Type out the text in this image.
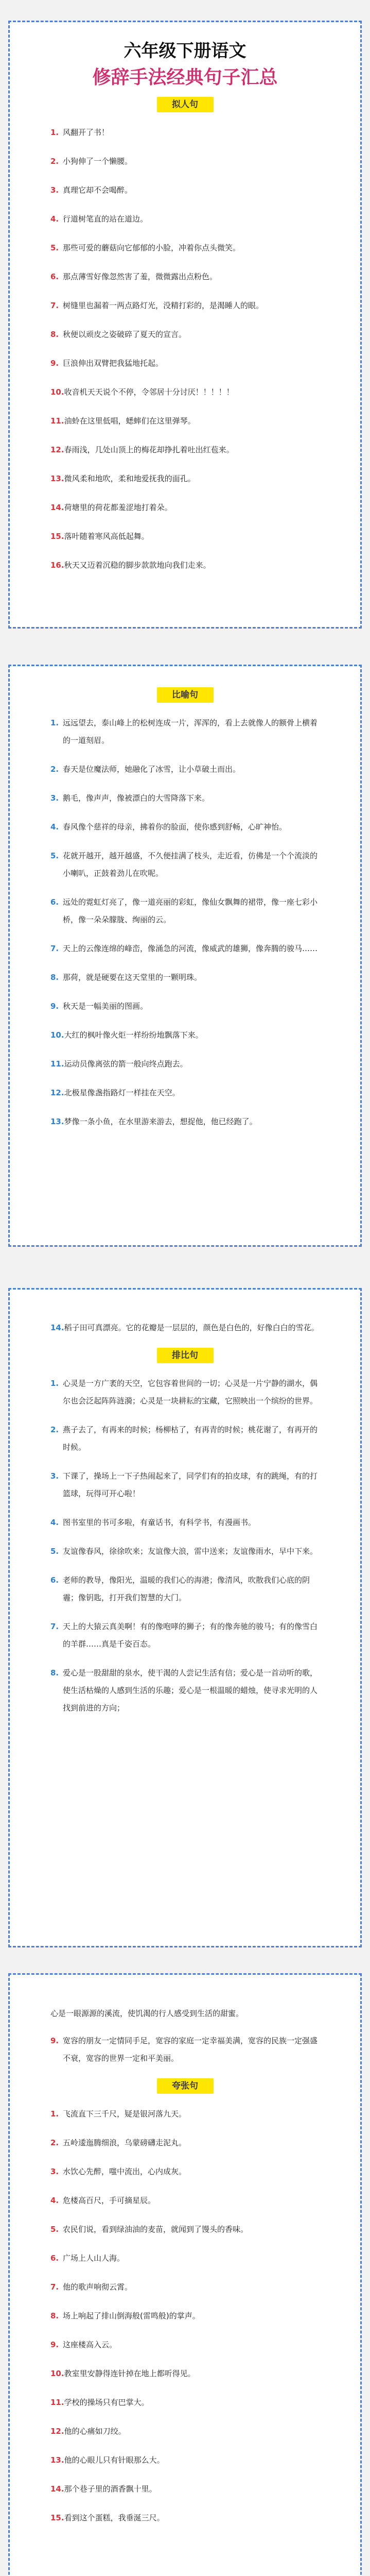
六年级下册语文
修辞手法经典句子汇总
拟人句
1. 风翻开了书！
2. 小狗伸了一个懒腰。
3. 真理它却不会喝醉。
4. 行道树笔直的站在道边。
5. 那些可爱的蘑菇向它郁郁的小脸，冲着你点头微笑。
6. 那点薄雪好像忽然害了羞，微微露出点粉色。
7. 树缝里也漏着一两点路灯光，没精打彩的，是渴睡人的眼。
8. 秋便以顽皮之姿破碎了夏天的宣言。
9. 巨浪伸出双臂把我猛地托起。
10. 收音机天天说个不停，令邻居十分讨厌！！！！！
11. 油蛉在这里低唱，蟋蟀们在这里弹琴。
12. 春雨浅，几处山顶上的梅花却挣扎着吐出红苞来。
13. 微风柔和地吹，柔和地爱抚我的面孔。
14. 荷塘里的荷花都羞涩地打着朵。
15. 落叶随着寒风高低起舞。
16. 秋天又迈着沉稳的脚步款款地向我们走来。
比喻句
1. 远远望去，泰山峰上的松树连成一片，浑浑的，看上去就像人的额骨上横着的一道刻眉。
2. 春天是位魔法师，她融化了冰雪，让小草破土而出。
3. 鹅毛，像声声，像被漂白的大雪降落下来。
4. 春风像个慈祥的母亲，拂着你的脸面，使你感到舒畅，心旷神怡。
5. 花就开越开，越开越盛，不久便挂满了枝头，走近看，仿佛是一个个流淡的小喇叭，正鼓着劲儿在吹呢。
6. 远处的霓虹灯亮了，像一道亮丽的彩虹，像仙女飘舞的裙带，像一座七彩小桥，像一朵朵朦胧、绚丽的云。
7. 天上的云像连绵的峰峦，像涌急的河流，像威武的雄狮，像奔腾的骏马……
8. 那荷，就是硬要在这天堂里的一颗明珠。
9. 秋天是一幅美丽的图画。
10. 大红的枫叶像火炬一样纷纷地飘落下来。
11. 运动员像离弦的箭一般向终点跑去。
12. 北极星像盏指路灯一样挂在天空。
13. 梦像一条小鱼，在水里游来游去，想捉他，他已经跑了。
14. 稻子田可真漂亮。它的花瓣是一层层的，颜色是白色的，好像白白的雪花。
排比句
1. 心灵是一方广袤的天空，它包容着世间的一切；心灵是一片宁静的湖水，偶尔也会泛起阵阵涟漪；心灵是一块耕耘的宝藏，它照映出一个缤纷的世界。
2. 燕子去了，有再来的时候；杨柳枯了，有再青的时候；桃花谢了，有再开的时候。
3. 下课了，操场上一下子热闹起来了，同学们有的拍皮球，有的跳绳，有的打篮球，玩得可开心啦！
4. 图书室里的书可多啦，有童话书，有科学书，有漫画书。
5. 友谊像春风，徐徐吹来；友谊像大浪，雷中送来；友谊像雨水，早中下来。
6. 老师的教导，像阳光，温暖的我们心的海港；像清风，吹散我们心底的阴霾；像钥匙，打开我们智慧的大门。
7. 天上的大猿云真美啊！有的像咆哮的狮子；有的像奔驰的骏马；有的像雪白的羊群……真是千姿百态。
8. 爱心是一股甜甜的泉水，使干渴的人尝记生活有信；爱心是一首动听的歌，使生活枯燥的人感到生活的乐趣；爱心是一根温暖的蜡烛，使寻求光明的人找到前进的方向；
心是一眼源源的溪流，使饥渴的行人感受到生活的甜蜜。
9. 宽容的朋友一定情同手足，宽容的家庭一定幸福美满，宽容的民族一定强盛不衰，宽容的世界一定和平美丽。
夸张句
1. 飞流直下三千尺，疑是银河落九天。
2. 五岭逶迤腾细浪，乌蒙磅礴走泥丸。
3. 水饮心先醉，嗤中流出，心内成灰。
4. 危楼高百尺，手可摘星辰。
5. 农民们说，看到绿油油的麦苗，就闻到了馒头的香味。
6. 广场上人山人海。
7. 他的歌声响彻云霄。
8. 场上响起了排山倒海般(雷鸣般)的掌声。
9. 这座楼高入云。
10. 教室里安静得连针掉在地上都听得见。
11. 学校的操场只有巴掌大。
12. 他的心痛如刀绞。
13. 他的心眼儿只有针眼那么大。
14. 那个巷子里的酒香飘十里。
15. 看到这个蛋糕，我垂涎三尺。
